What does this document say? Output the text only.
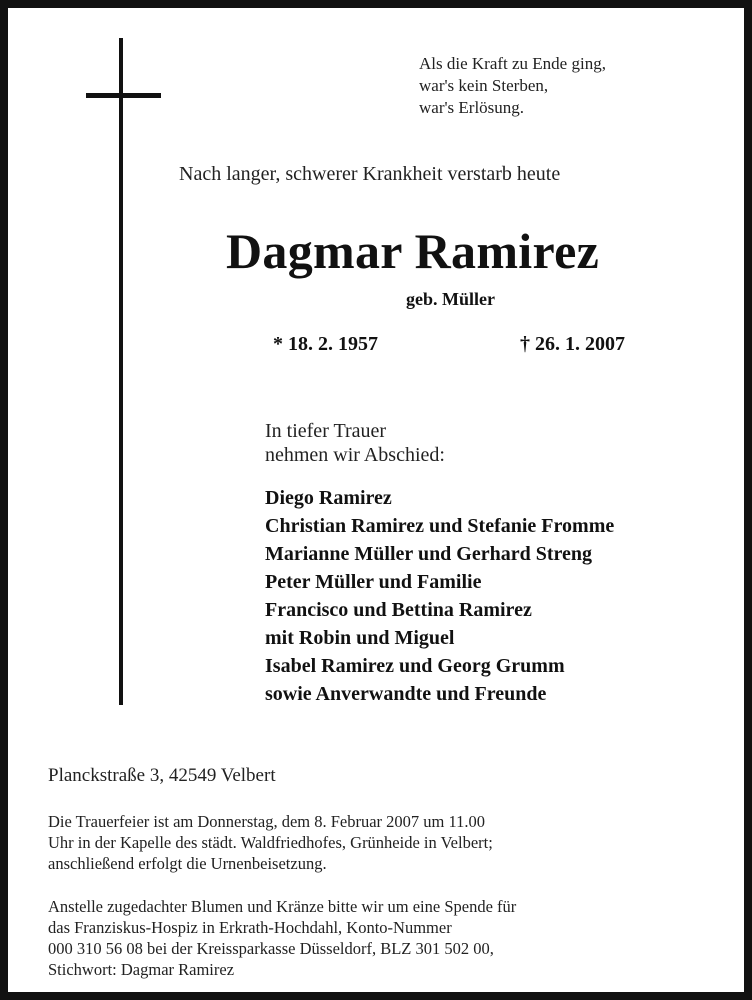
Als die Kraft zu Ende ging,
war's kein Sterben,
war's Erlösung.
Nach langer, schwerer Krankheit verstarb heute
Dagmar Ramirez
geb. Müller
* 18. 2. 1957	† 26. 1. 2007
In tiefer Trauer
nehmen wir Abschied:
Diego Ramirez
Christian Ramirez und Stefanie Fromme
Marianne Müller und Gerhard Streng
Peter Müller und Familie
Francisco und Bettina Ramirez
mit Robin und Miguel
Isabel Ramirez und Georg Grumm
sowie Anverwandte und Freunde
Planckstraße 3, 42549 Velbert
Die Trauerfeier ist am Donnerstag, dem 8. Februar 2007 um 11.00
Uhr in der Kapelle des städt. Waldfriedhofes, Grünheide in Velbert;
anschließend erfolgt die Urnenbeisetzung.
Anstelle zugedachter Blumen und Kränze bitte wir um eine Spende für
das Franziskus-Hospiz in Erkrath-Hochdahl, Konto-Nummer
000 310 56 08 bei der Kreissparkasse Düsseldorf, BLZ 301 502 00,
Stichwort: Dagmar Ramirez
